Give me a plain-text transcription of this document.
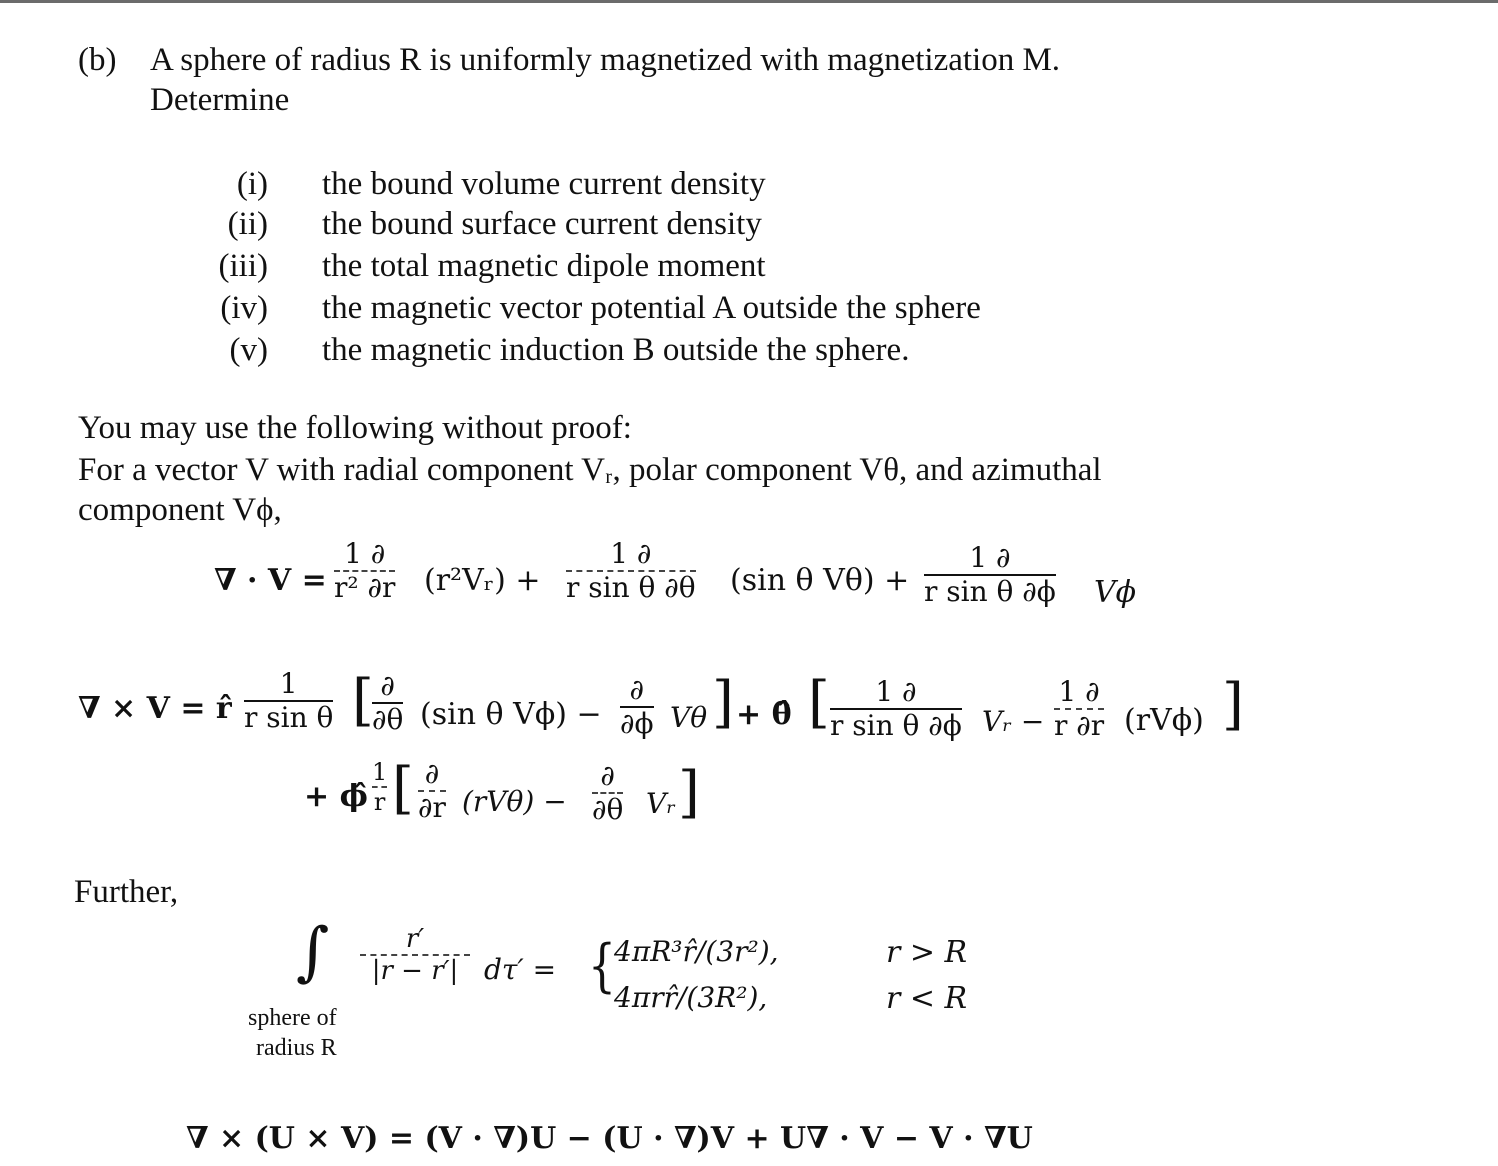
(b) A sphere of radius R is uniformly magnetized with magnetization M.
Determine
(i) the bound volume current density
(ii) the bound surface current density
(iii) the total magnetic dipole moment
(iv) the magnetic vector potential A outside the sphere
(v) the magnetic induction B outside the sphere.
You may use the following without proof:
For a vector V with radial component Vᵣ, polar component Vθ, and azimuthal
component Vϕ,
∇ · V =
1 ∂
r² ∂r (r²Vᵣ) +
1 ∂
r sin θ ∂θ (sin θ Vθ) +
1 ∂
r sin θ ∂ϕ Vϕ
∇ × V = r̂
1
r sin θ [ ∂
∂θ (sin θ Vϕ) −
∂
∂ϕ Vθ ] + θ̂ [ 1 ∂
r sin θ ∂ϕ Vᵣ −
1 ∂
r ∂r (rVϕ) ]
+ ϕ̂
1
r [ ∂
∂r (rVθ) −
∂
∂θ Vᵣ ]
Further,
∫	r′
|r − r′| dτ′ =
sphere of
radius R
{
4πR³r̂/(3r²),	r > R
4πrr̂/(3R²),	r < R
∇ × (U × V) = (V · ∇)U − (U · ∇)V + U∇ · V − V · ∇U
